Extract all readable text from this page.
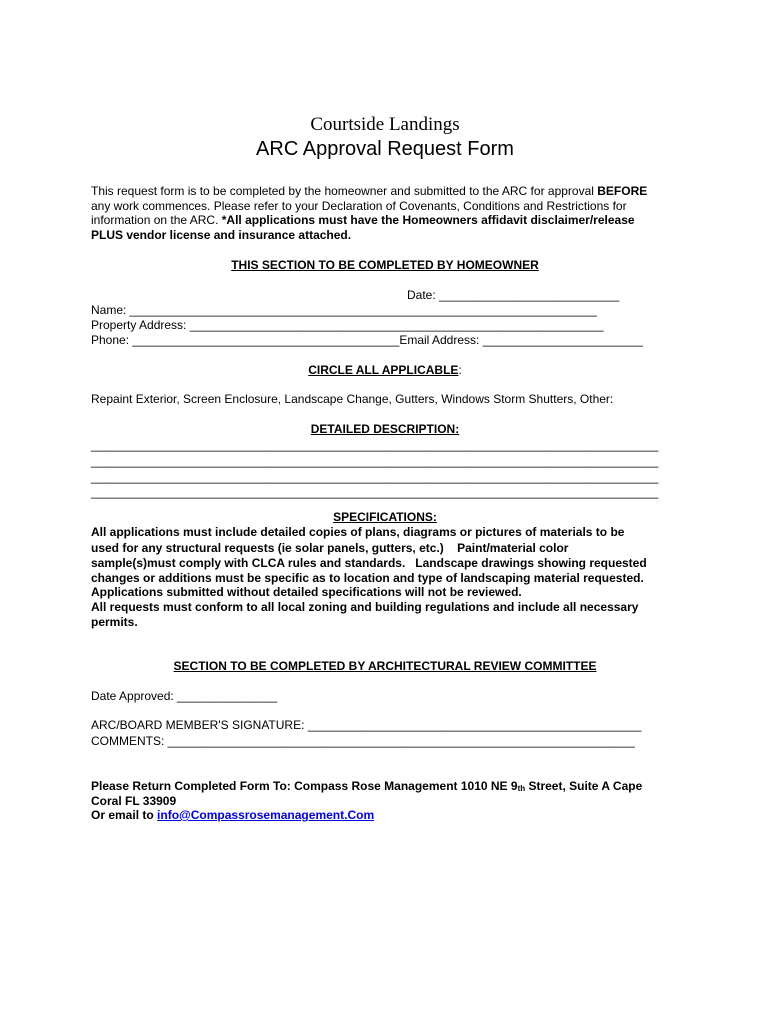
Courtside Landings
ARC Approval Request Form
This request form is to be completed by the homeowner and submitted to the ARC for approval BEFORE
any work commences. Please refer to your Declaration of Covenants, Conditions and Restrictions for
information on the ARC. *All applications must have the Homeowners affidavit disclaimer/release
PLUS vendor license and insurance attached.
THIS SECTION TO BE COMPLETED BY HOMEOWNER
Date: ___________________________
Name: ______________________________________________________________________
Property Address: ______________________________________________________________
Phone: ________________________________________Email Address: ________________________
CIRCLE ALL APPLICABLE:
Repaint Exterior, Screen Enclosure, Landscape Change, Gutters, Windows Storm Shutters, Other:
DETAILED DESCRIPTION:
_____________________________________________________________________________________
_____________________________________________________________________________________
_____________________________________________________________________________________
_____________________________________________________________________________________
SPECIFICATIONS:
All applications must include detailed copies of plans, diagrams or pictures of materials to be
used for any structural requests (ie solar panels, gutters, etc.)    Paint/material color
sample(s)must comply with CLCA rules and standards.   Landscape drawings showing requested
changes or additions must be specific as to location and type of landscaping material requested.
Applications submitted without detailed specifications will not be reviewed.
All requests must conform to all local zoning and building regulations and include all necessary
permits.
SECTION TO BE COMPLETED BY ARCHITECTURAL REVIEW COMMITTEE
Date Approved: _______________
ARC/BOARD MEMBER'S SIGNATURE: __________________________________________________
COMMENTS: ______________________________________________________________________
Please Return Completed Form To: Compass Rose Management 1010 NE 9th Street, Suite A Cape
Coral FL 33909
Or email to info@Compassrosemanagement.Com
